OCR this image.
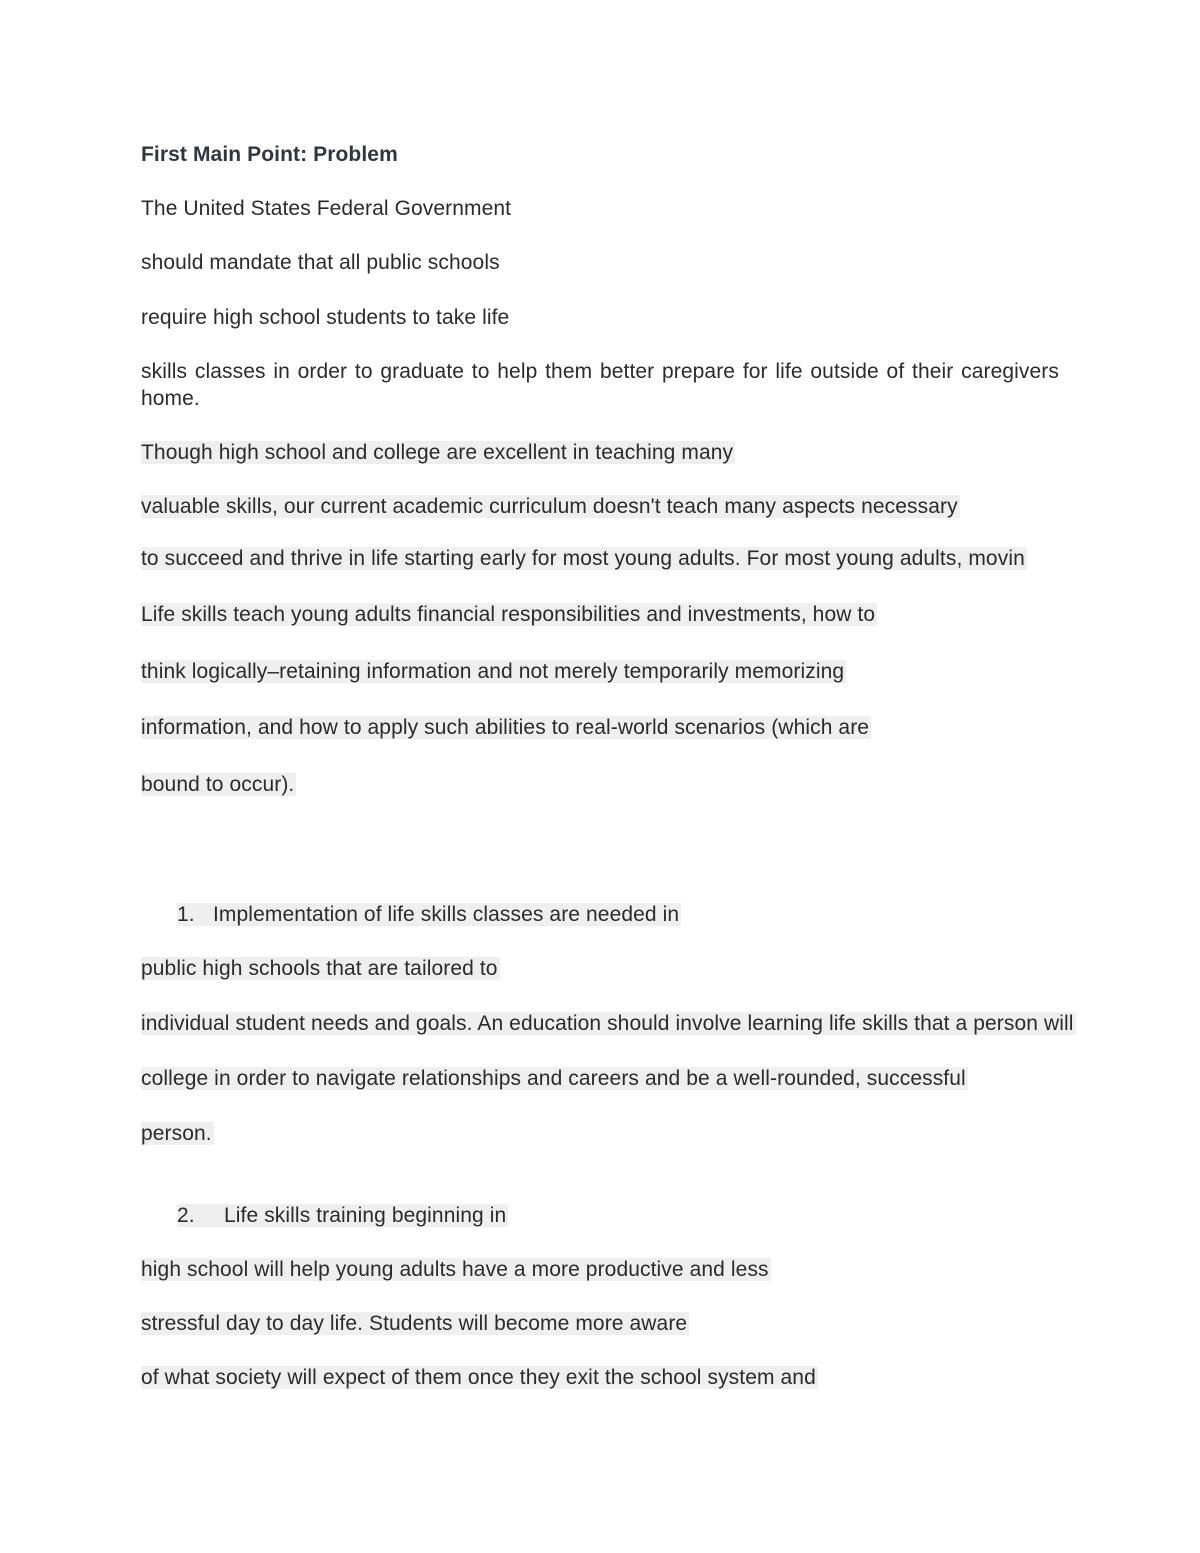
First Main Point: Problem
The United States Federal Government
should mandate that all public schools
require high school students to take life
skills classes in order to graduate to help them better prepare for life outside of their caregivers home.
Though high school and college are excellent in teaching many
valuable skills, our current academic curriculum doesn't teach many aspects necessary
to succeed and thrive in life starting early for most young adults. For most young adults, movin
Life skills teach young adults financial responsibilities and investments, how to
think logically–retaining information and not merely temporarily memorizing
information, and how to apply such abilities to real-world scenarios (which are
bound to occur).
1. Implementation of life skills classes are needed in
public high schools that are tailored to
individual student needs and goals. An education should involve learning life skills that a person will
college in order to navigate relationships and careers and be a well-rounded, successful
person.
2. Life skills training beginning in
high school will help young adults have a more productive and less
stressful day to day life. Students will become more aware
of what society will expect of them once they exit the school system and
